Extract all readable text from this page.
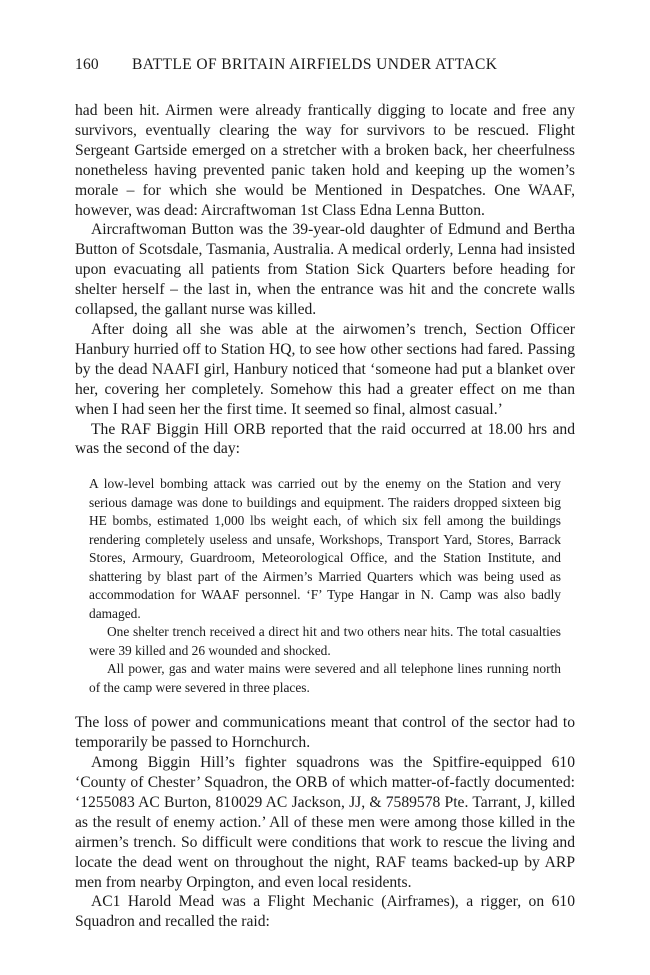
160 BATTLE OF BRITAIN AIRFIELDS UNDER ATTACK

had been hit. Airmen were already frantically digging to locate and free any survivors, eventually clearing the way for survivors to be rescued. Flight Sergeant Gartside emerged on a stretcher with a broken back, her cheerfulness nonetheless having prevented panic taken hold and keeping up the women’s morale – for which she would be Mentioned in Despatches. One WAAF, however, was dead: Aircraftwoman 1st Class Edna Lenna Button.

Aircraftwoman Button was the 39-year-old daughter of Edmund and Bertha Button of Scotsdale, Tasmania, Australia. A medical orderly, Lenna had insisted upon evacuating all patients from Station Sick Quarters before heading for shelter herself – the last in, when the entrance was hit and the concrete walls collapsed, the gallant nurse was killed.

After doing all she was able at the airwomen’s trench, Section Officer Hanbury hurried off to Station HQ, to see how other sections had fared. Passing by the dead NAAFI girl, Hanbury noticed that ‘someone had put a blanket over her, covering her completely. Somehow this had a greater effect on me than when I had seen her the first time. It seemed so final, almost casual.’

The RAF Biggin Hill ORB reported that the raid occurred at 18.00 hrs and was the second of the day:

A low-level bombing attack was carried out by the enemy on the Station and very serious damage was done to buildings and equipment. The raiders dropped sixteen big HE bombs, estimated 1,000 lbs weight each, of which six fell among the buildings rendering completely useless and unsafe, Workshops, Transport Yard, Stores, Barrack Stores, Armoury, Guardroom, Meteorological Office, and the Station Institute, and shattering by blast part of the Airmen’s Married Quarters which was being used as accommodation for WAAF personnel. ‘F’ Type Hangar in N. Camp was also badly damaged.

One shelter trench received a direct hit and two others near hits. The total casualties were 39 killed and 26 wounded and shocked.

All power, gas and water mains were severed and all telephone lines running north of the camp were severed in three places.

The loss of power and communications meant that control of the sector had to temporarily be passed to Hornchurch.

Among Biggin Hill’s fighter squadrons was the Spitfire-equipped 610 ‘County of Chester’ Squadron, the ORB of which matter-of-factly documented: ‘1255083 AC Burton, 810029 AC Jackson, JJ, & 7589578 Pte. Tarrant, J, killed as the result of enemy action.’ All of these men were among those killed in the airmen’s trench. So difficult were conditions that work to rescue the living and locate the dead went on throughout the night, RAF teams backed-up by ARP men from nearby Orpington, and even local residents.

AC1 Harold Mead was a Flight Mechanic (Airframes), a rigger, on 610 Squadron and recalled the raid:
